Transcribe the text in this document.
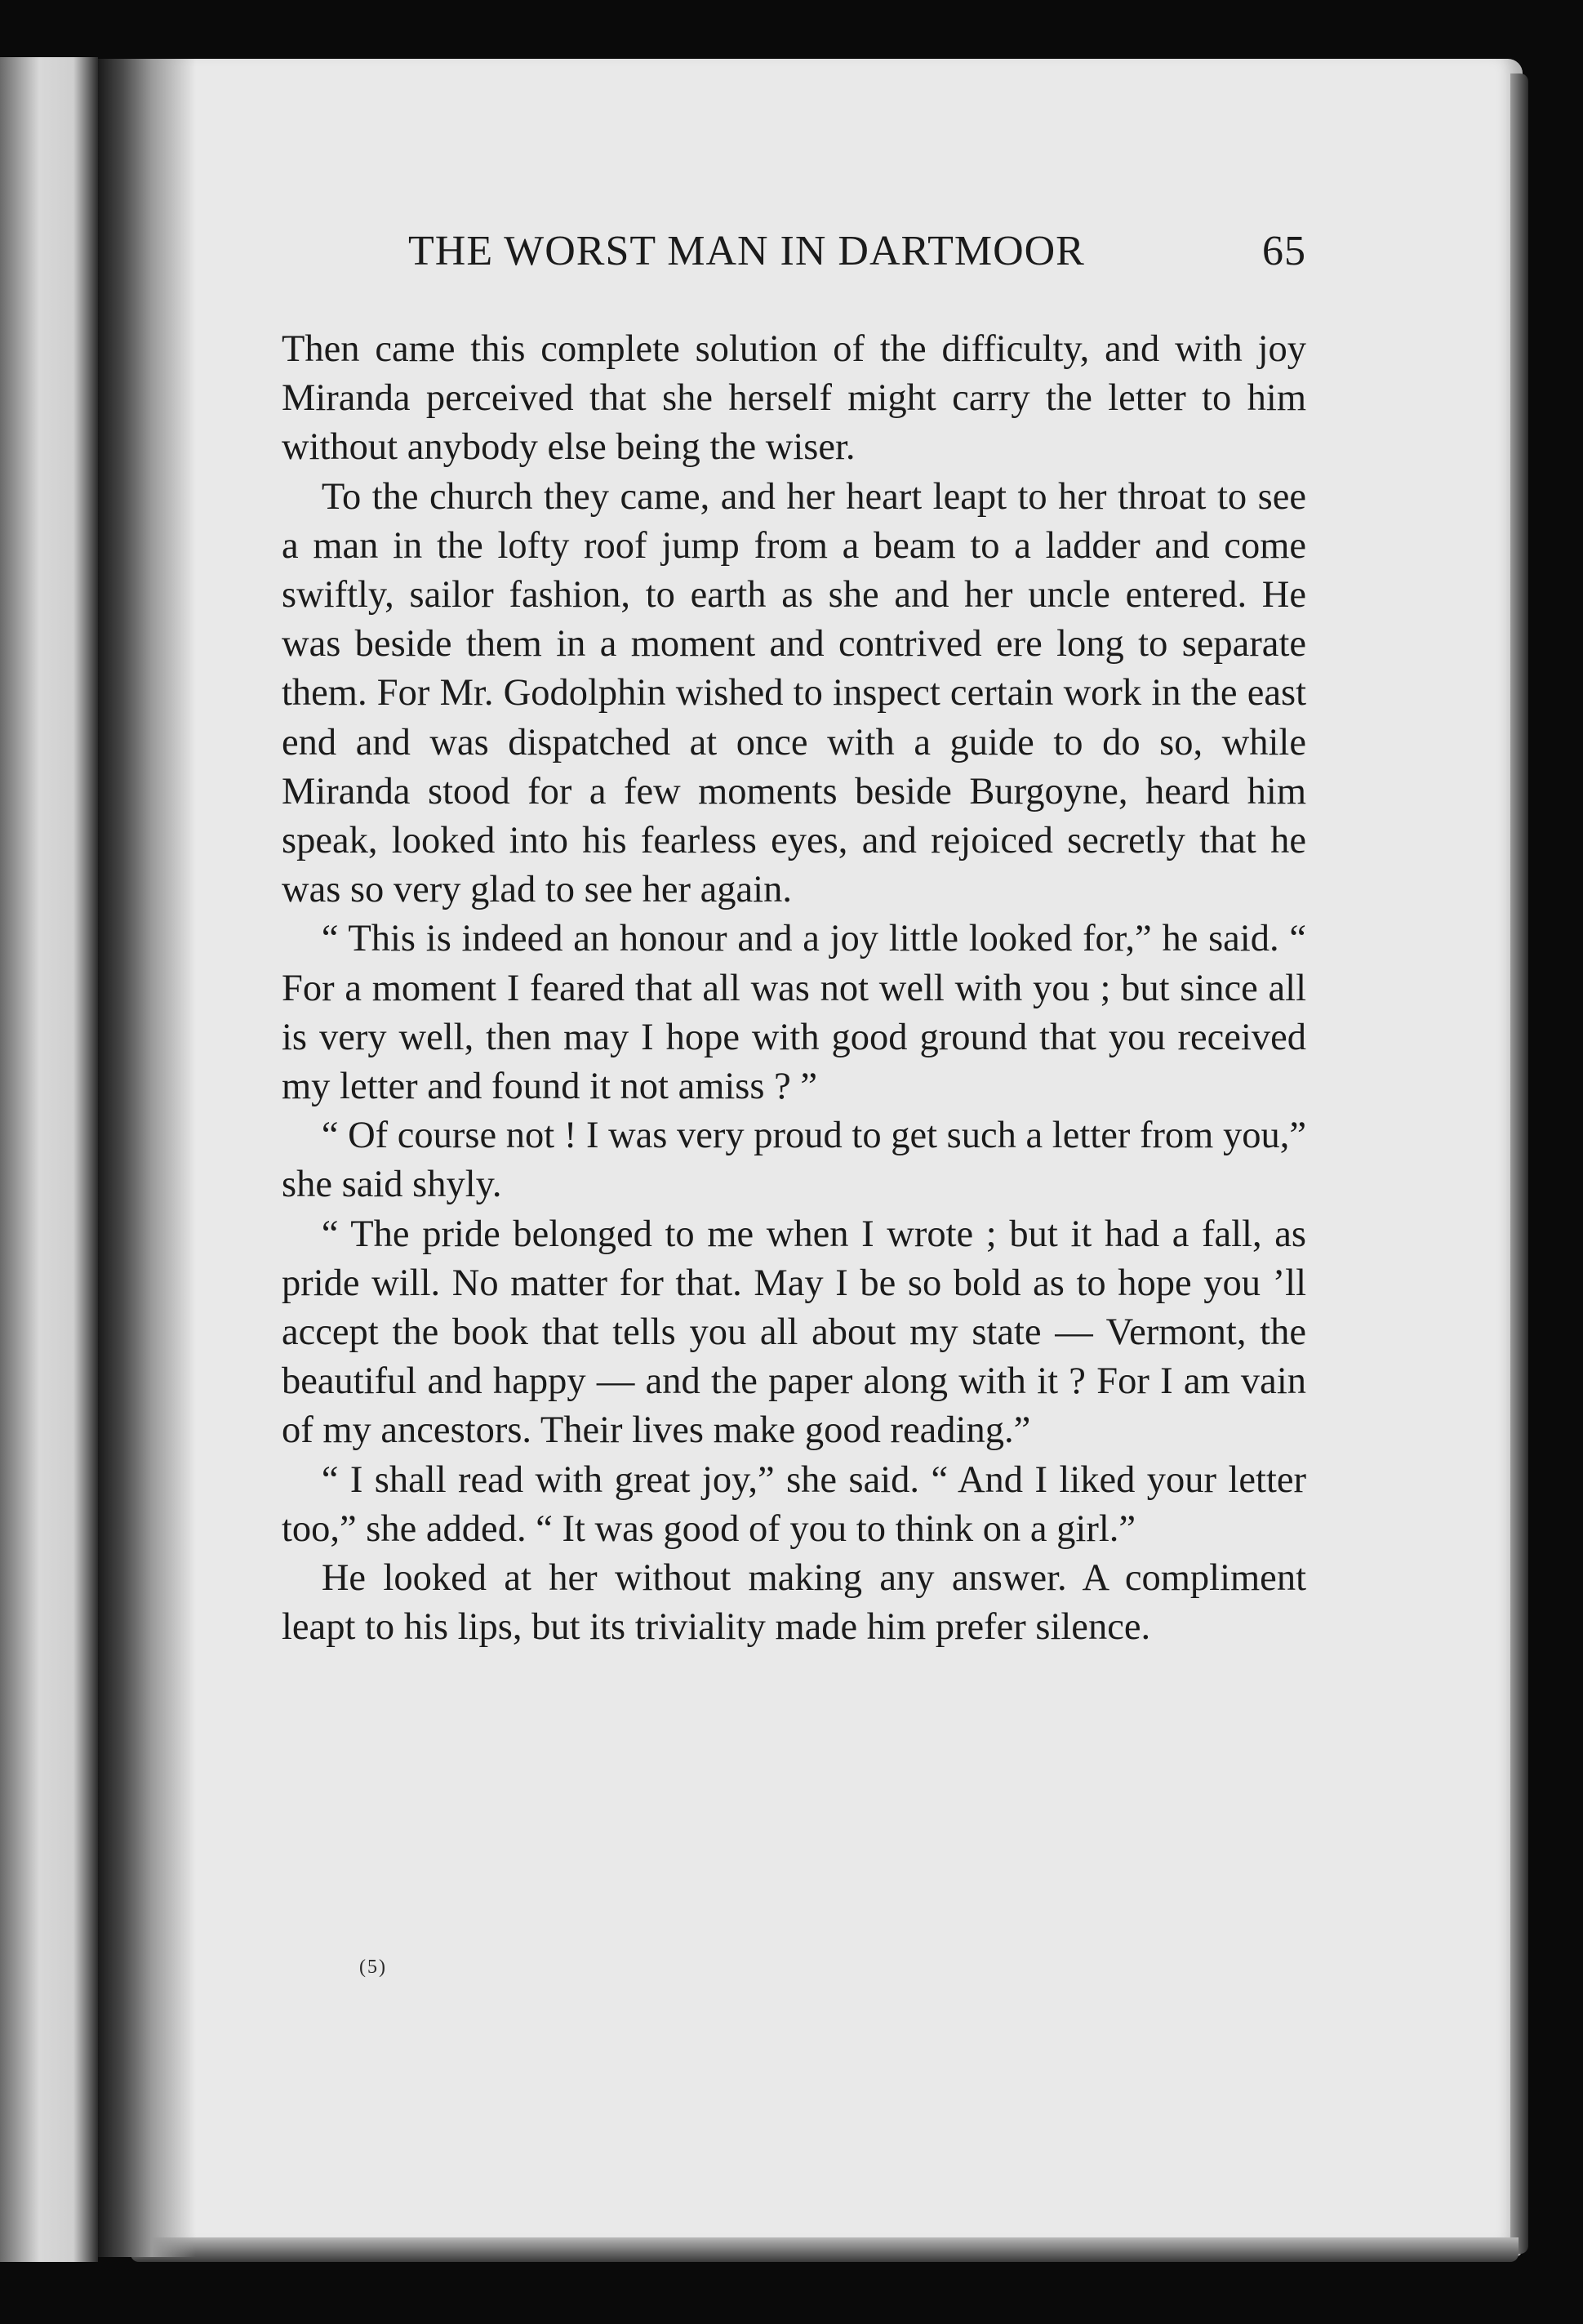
THE WORST MAN IN DARTMOOR	65

Then came this complete solution of the difficulty, and with joy Miranda perceived that she herself might carry the letter to him without anybody else being the wiser.

To the church they came, and her heart leapt to her throat to see a man in the lofty roof jump from a beam to a ladder and come swiftly, sailor fashion, to earth as she and her uncle entered. He was beside them in a moment and contrived ere long to separate them. For Mr. Godolphin wished to inspect certain work in the east end and was dispatched at once with a guide to do so, while Miranda stood for a few moments beside Burgoyne, heard him speak, looked into his fearless eyes, and rejoiced secretly that he was so very glad to see her again.

“ This is indeed an honour and a joy little looked for,” he said. “ For a moment I feared that all was not well with you ; but since all is very well, then may I hope with good ground that you received my letter and found it not amiss ? ”

“ Of course not ! I was very proud to get such a letter from you,” she said shyly.

“ The pride belonged to me when I wrote ; but it had a fall, as pride will. No matter for that. May I be so bold as to hope you ’ll accept the book that tells you all about my state — Vermont, the beautiful and happy — and the paper along with it ? For I am vain of my ancestors. Their lives make good reading.”

“ I shall read with great joy,” she said. “ And I liked your letter too,” she added. “ It was good of you to think on a girl.”

He looked at her without making any answer. A compliment leapt to his lips, but its triviality made him prefer silence.

(5)
